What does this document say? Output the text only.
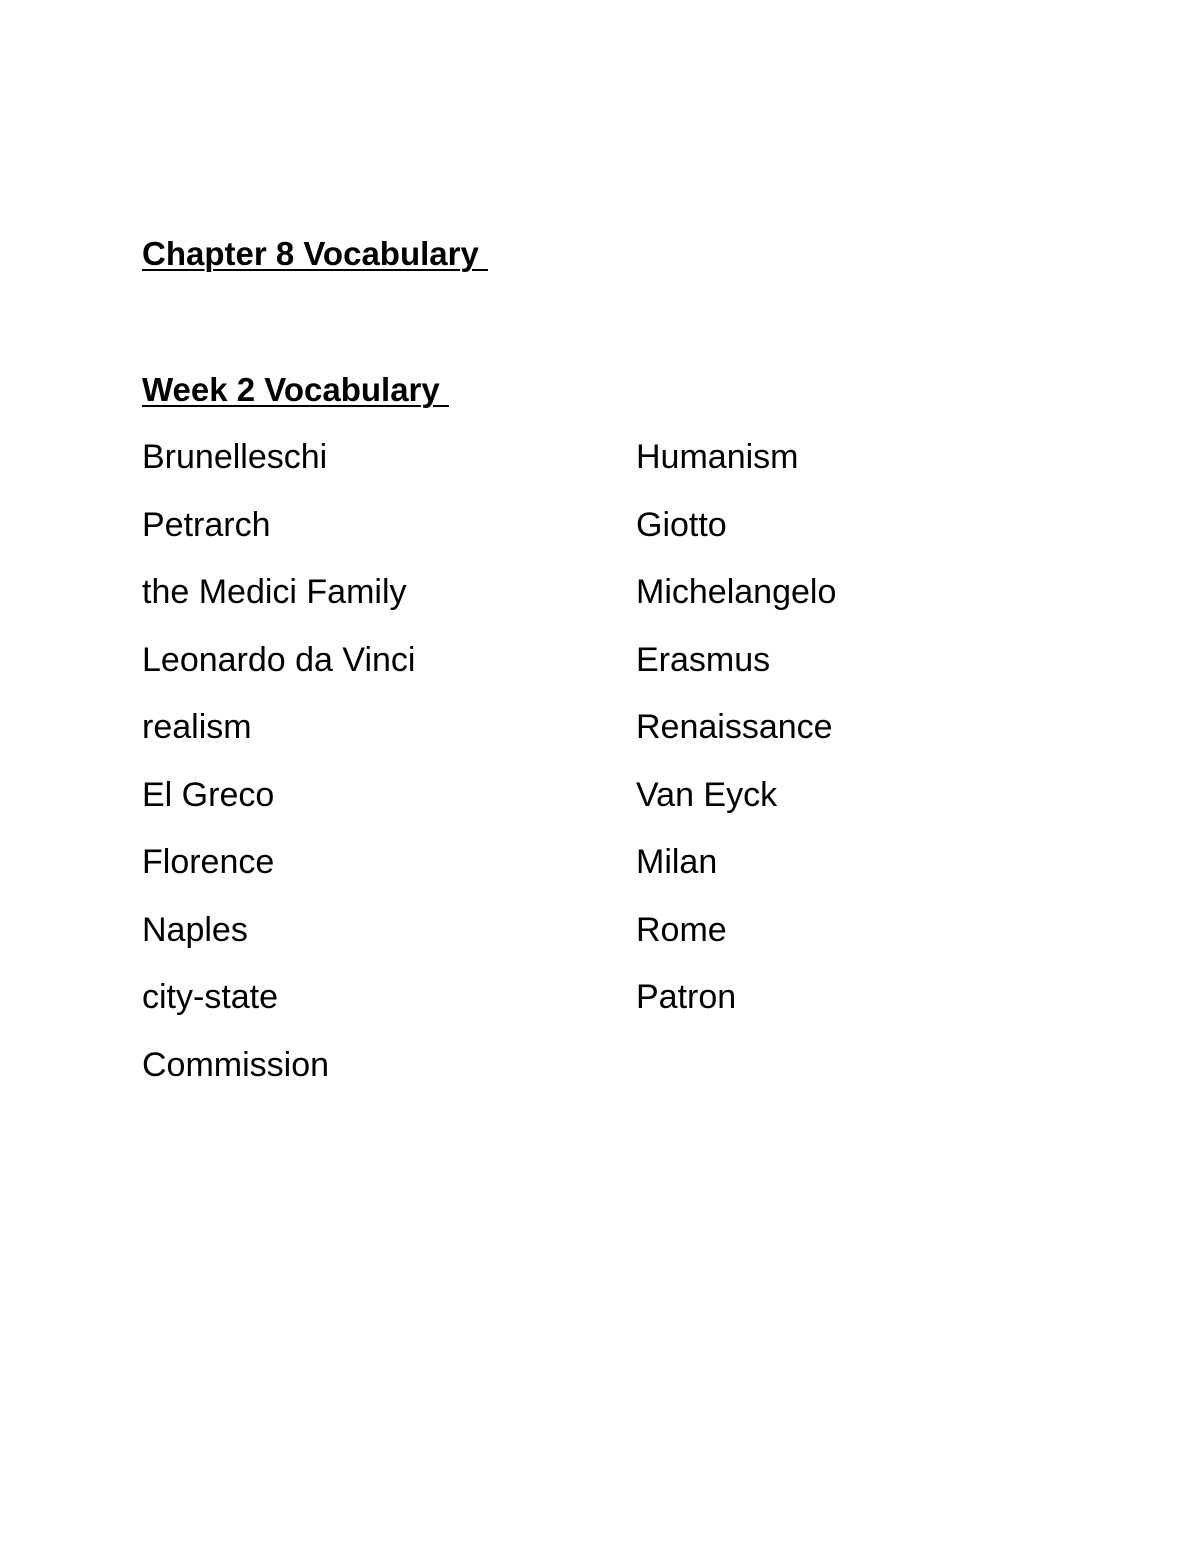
Chapter 8 Vocabulary
Week 2 Vocabulary
Brunelleschi
Petrarch
the Medici Family
Leonardo da Vinci
realism
El Greco
Florence
Naples
city-state
Commission
Humanism
Giotto
Michelangelo
Erasmus
Renaissance
Van Eyck
Milan
Rome
Patron
